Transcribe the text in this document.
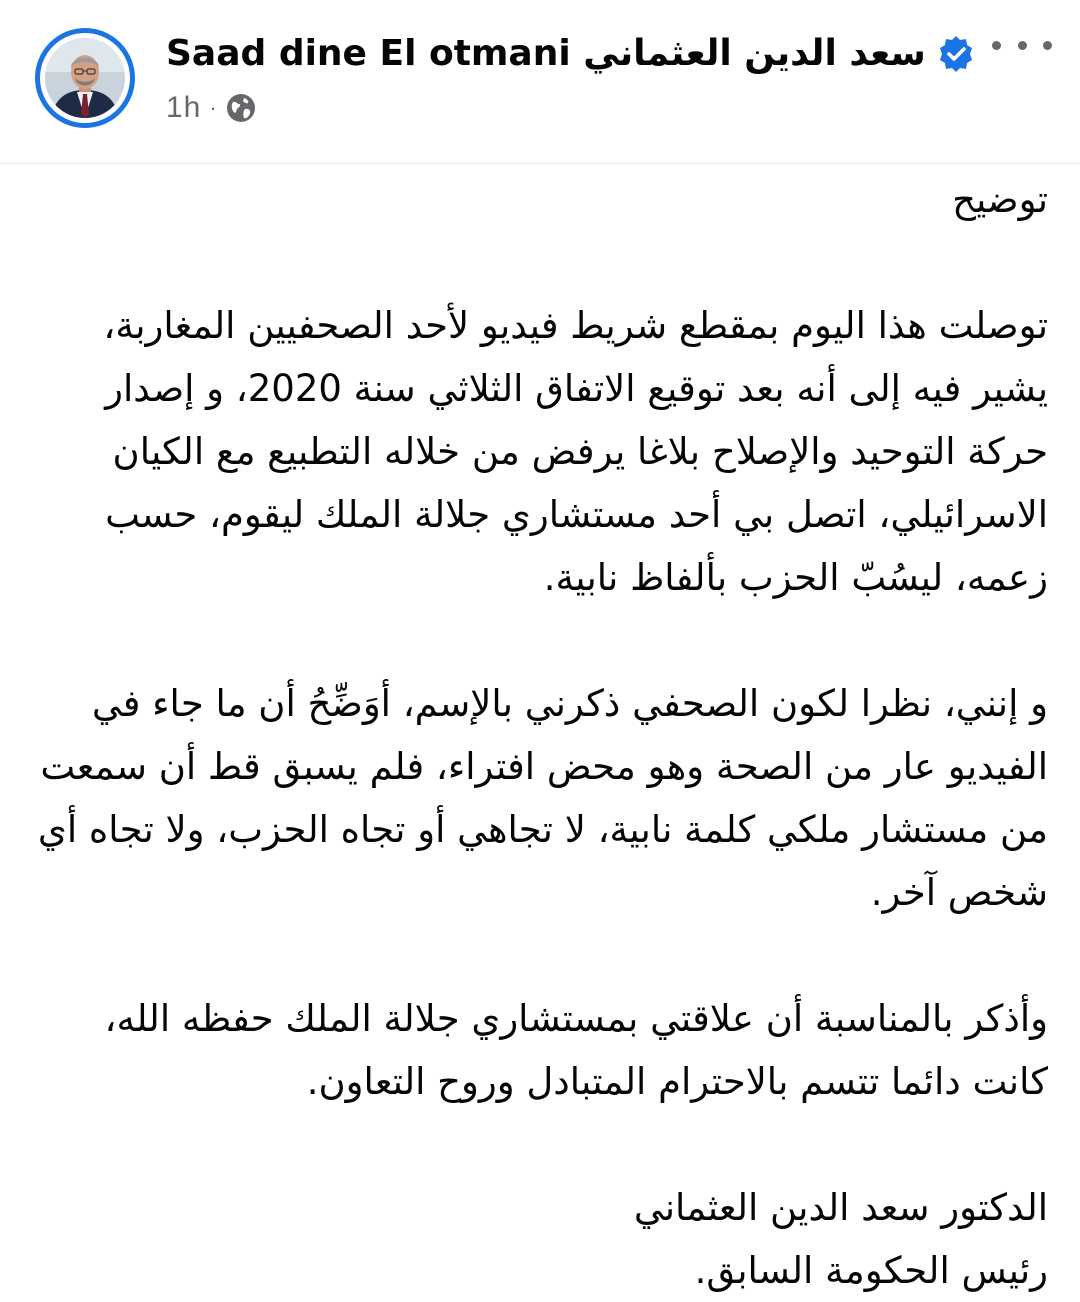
Saad dine El otmani سعد الدين العثماني
1h ·

توضيح

توصلت هذا اليوم بمقطع شريط فيديو لأحد الصحفيين المغاربة، يشير فيه إلى أنه بعد توقيع الاتفاق الثلاثي سنة 2020، و إصدار حركة التوحيد والإصلاح بلاغا يرفض من خلاله التطبيع مع الكيان الاسرائيلي، اتصل بي أحد مستشاري جلالة الملك ليقوم، حسب زعمه، ليسُبّ الحزب بألفاظ نابية.

و إنني، نظرا لكون الصحفي ذكرني بالإسم، أوَضِّحُ أن ما جاء في الفيديو عار من الصحة وهو محض افتراء، فلم يسبق قط أن سمعت من مستشار ملكي كلمة نابية، لا تجاهي أو تجاه الحزب، ولا تجاه أي شخص آخر.

وأذكر بالمناسبة أن علاقتي بمستشاري جلالة الملك حفظه الله، كانت دائما تتسم بالاحترام المتبادل وروح التعاون.

الدكتور سعد الدين العثماني

رئيس الحكومة السابق.
